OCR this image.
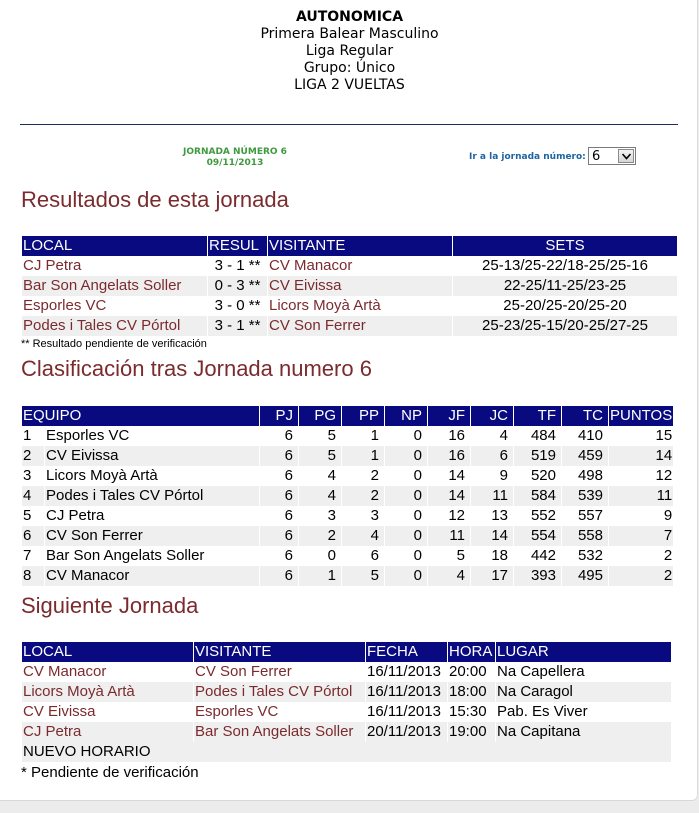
AUTONOMICA
Primera Balear Masculino
Liga Regular
Grupo: Único
LIGA 2 VUELTAS
JORNADA NÚMERO 6
09/11/2013
Ir a la jornada número: 6
Resultados de esta jornada
LOCAL	RESUL	VISITANTE	SETS
CJ Petra	3 - 1 **	CV Manacor	25-13/25-22/18-25/25-16
Bar Son Angelats Soller	0 - 3 **	CV Eivissa	22-25/11-25/23-25
Esporles VC	3 - 0 **	Licors Moyà Artà	25-20/25-20/25-20
Podes i Tales CV Pórtol	3 - 1 **	CV Son Ferrer	25-23/25-15/20-25/27-25
** Resultado pendiente de verificación
Clasificación tras Jornada numero 6
EQUIPO		PJ	PG	PP	NP	JF	JC	TF	TC	PUNTOS
1	Esporles VC	6	5	1	0	16	4	484	410	15
2	CV Eivissa	6	5	1	0	16	6	519	459	14
3	Licors Moyà Artà	6	4	2	0	14	9	520	498	12
4	Podes i Tales CV Pórtol	6	4	2	0	14	11	584	539	11
5	CJ Petra	6	3	3	0	12	13	552	557	9
6	CV Son Ferrer	6	2	4	0	11	14	554	558	7
7	Bar Son Angelats Soller	6	0	6	0	5	18	442	532	2
8	CV Manacor	6	1	5	0	4	17	393	495	2
Siguiente Jornada
LOCAL	VISITANTE	FECHA	HORA	LUGAR
CV Manacor	CV Son Ferrer	16/11/2013	20:00	Na Capellera
Licors Moyà Artà	Podes i Tales CV Pórtol	16/11/2013	18:00	Na Caragol
CV Eivissa	Esporles VC	16/11/2013	15:30	Pab. Es Viver
CJ Petra	Bar Son Angelats Soller	20/11/2013	19:00	Na Capitana
NUEVO HORARIO				
* Pendiente de verificación
